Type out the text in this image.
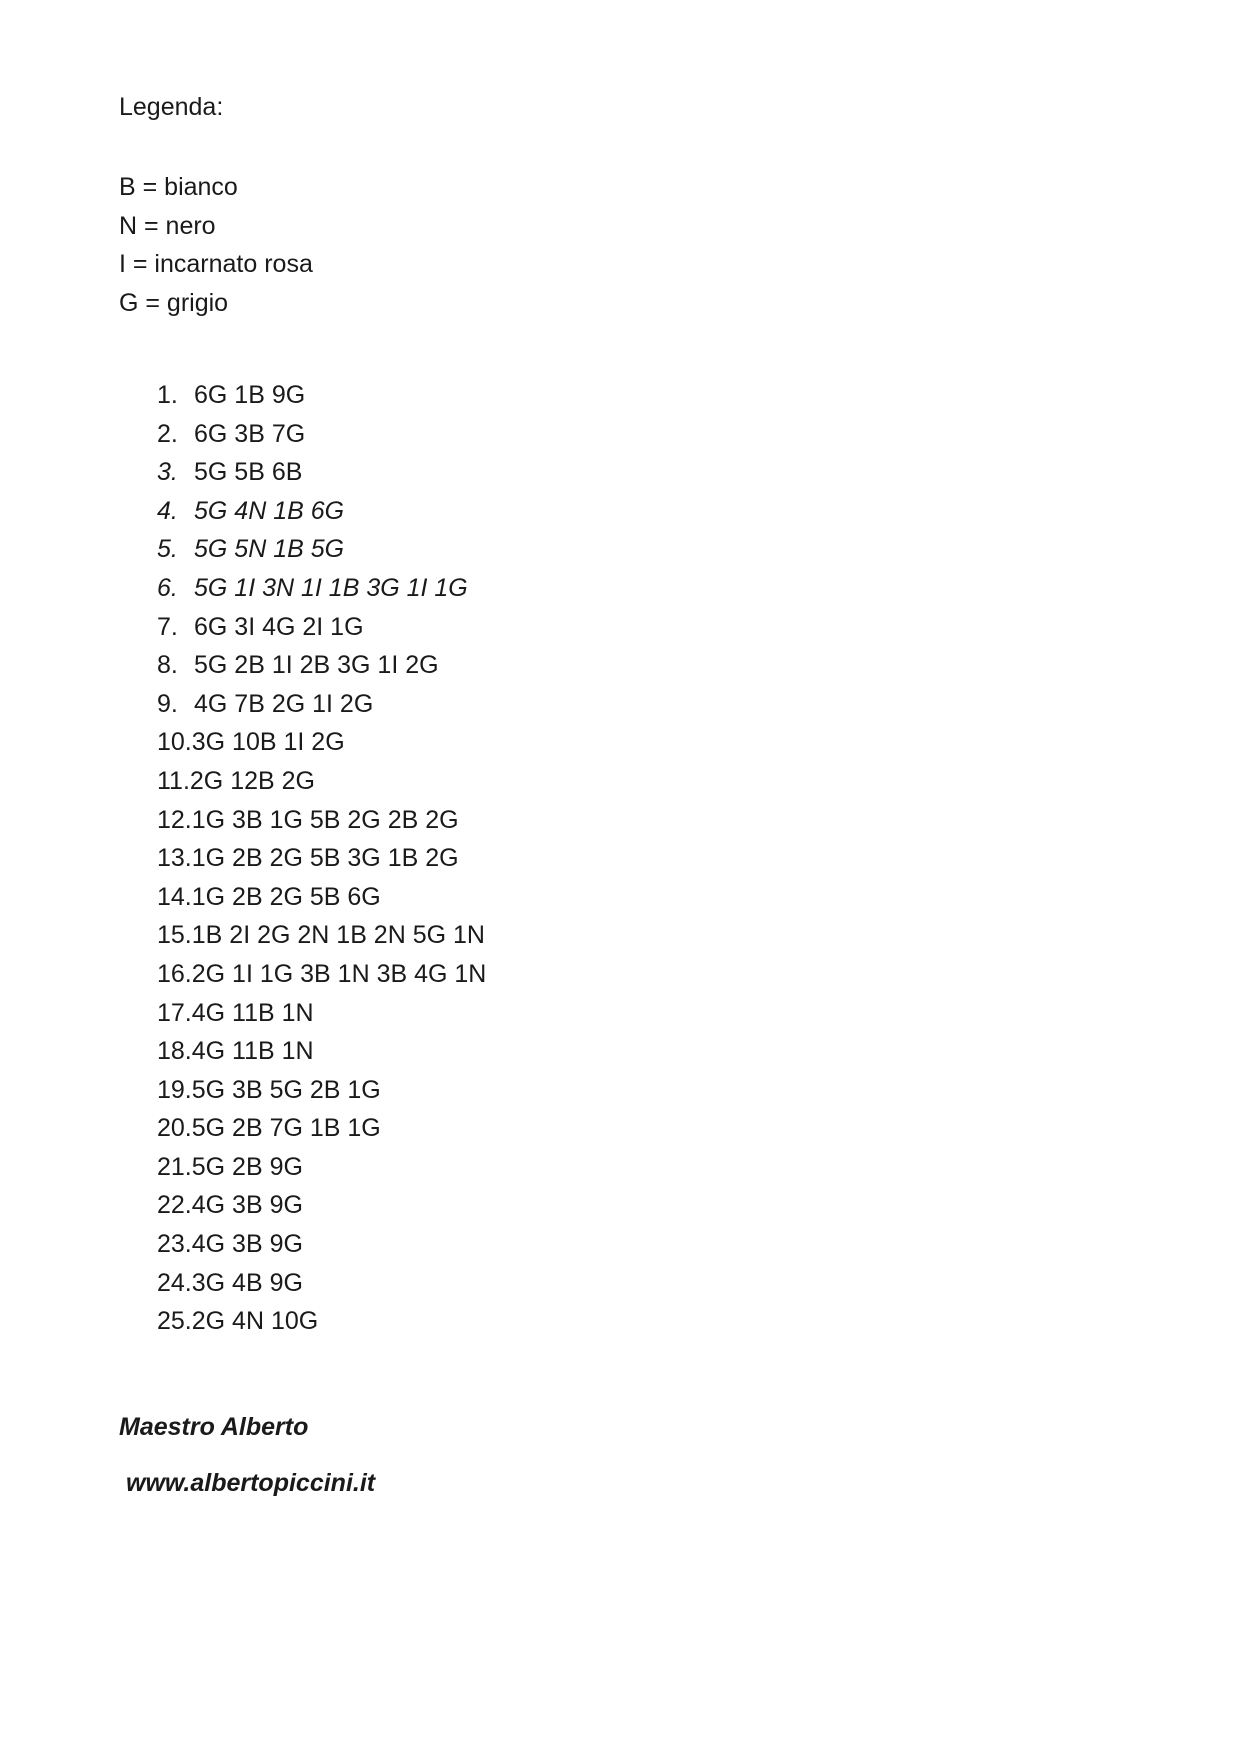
Legenda:
B = bianco
N = nero
I = incarnato rosa
G = grigio
1. 6G 1B 9G
2. 6G 3B 7G
3. 5G 5B 6B
4. 5G 4N 1B 6G
5. 5G 5N 1B 5G
6. 5G 1I 3N 1I 1B 3G 1I 1G
7. 6G 3I 4G 2I 1G
8. 5G 2B 1I 2B 3G 1I 2G
9. 4G 7B 2G 1I 2G
10. 3G 10B 1I 2G
11. 2G 12B 2G
12. 1G 3B 1G 5B 2G 2B 2G
13. 1G 2B 2G 5B 3G 1B 2G
14. 1G 2B 2G 5B 6G
15. 1B 2I 2G 2N 1B 2N 5G 1N
16. 2G 1I 1G 3B 1N 3B 4G 1N
17. 4G 11B 1N
18. 4G 11B 1N
19. 5G 3B 5G 2B 1G
20. 5G 2B 7G 1B 1G
21. 5G 2B 9G
22. 4G 3B 9G
23. 4G 3B 9G
24. 3G 4B 9G
25. 2G 4N 10G
Maestro Alberto
www.albertopiccini.it
